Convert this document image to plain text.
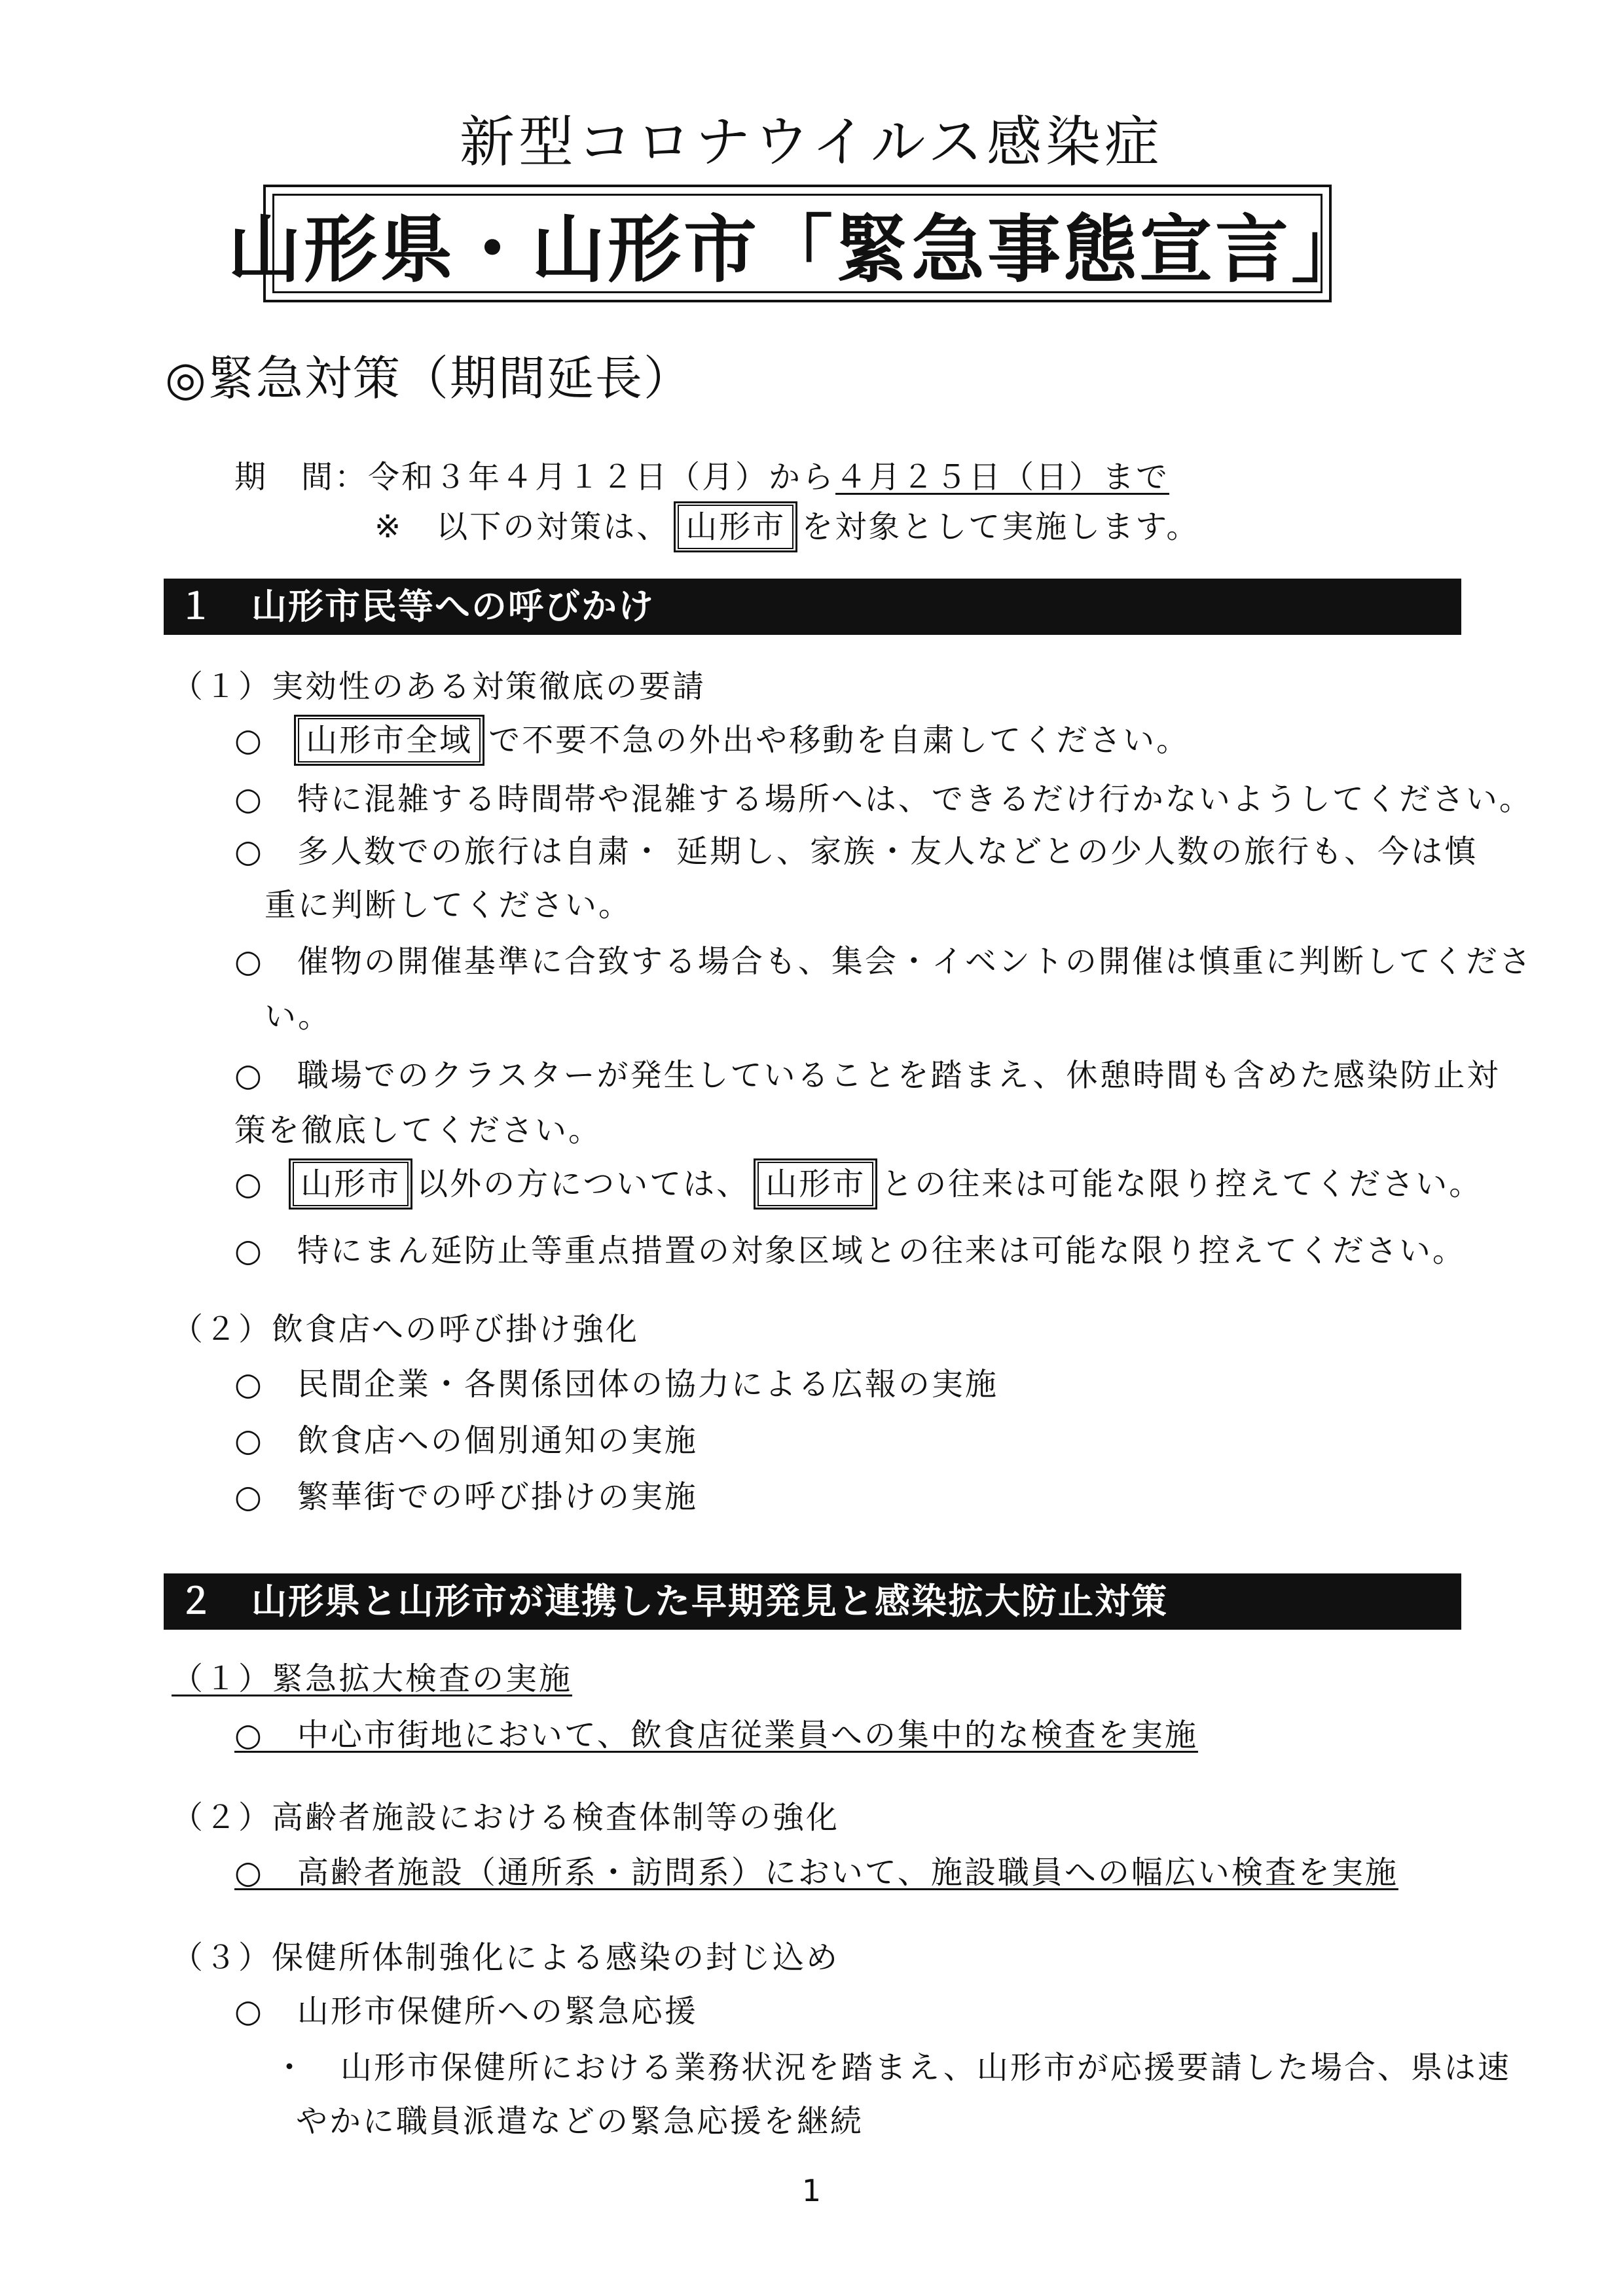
新型コロナウイルス感染症
山形県・山形市「緊急事態宣言」
◎緊急対策（期間延長）
期　間：令和３年４月１２日（月）から４月２５日（日）まで
※　以下の対策は、 山形市 を対象として実施します。
１　山形市民等への呼びかけ
（１）実効性のある対策徹底の要請
○ 山形市全域 で不要不急の外出や移動を自粛してください。
○　特に混雑する時間帯や混雑する場所へは、できるだけ行かないようしてください。
○　多人数での旅行は自粛・ 延期し、家族・友人などとの少人数の旅行も、今は慎
重に判断してください。
○　催物の開催基準に合致する場合も、集会・イベントの開催は慎重に判断してくださ
い。
○　職場でのクラスターが発生していることを踏まえ、休憩時間も含めた感染防止対
策を徹底してください。
○ 山形市 以外の方については、 山形市 との往来は可能な限り控えてください。
○　特にまん延防止等重点措置の対象区域との往来は可能な限り控えてください。
（２）飲食店への呼び掛け強化
○　民間企業・各関係団体の協力による広報の実施
○　飲食店への個別通知の実施
○　繁華街での呼び掛けの実施
２　山形県と山形市が連携した早期発見と感染拡大防止対策
（１）緊急拡大検査の実施
○　中心市街地において、飲食店従業員への集中的な検査を実施
（２）高齢者施設における検査体制等の強化
○　高齢者施設（通所系・訪問系）において、施設職員への幅広い検査を実施
（３）保健所体制強化による感染の封じ込め
○　山形市保健所への緊急応援
・　山形市保健所における業務状況を踏まえ、山形市が応援要請した場合、県は速
やかに職員派遣などの緊急応援を継続
1
